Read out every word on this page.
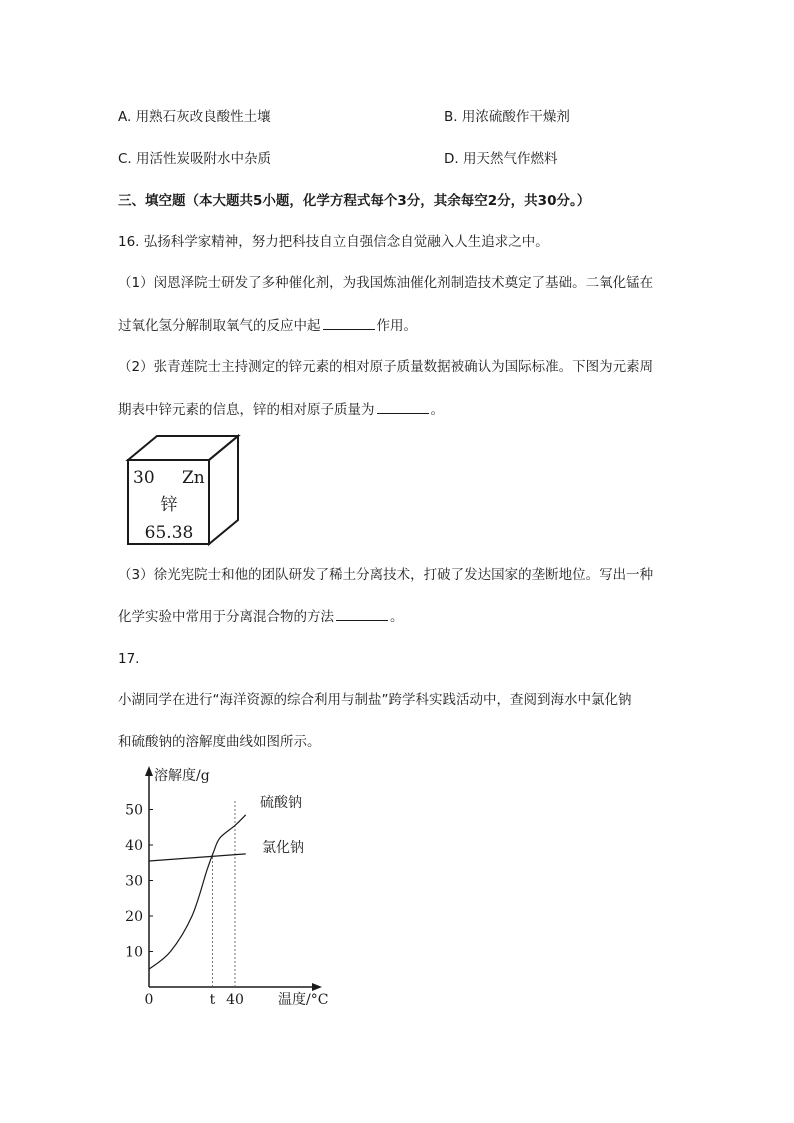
A. 用熟石灰改良酸性土壤	B. 用浓硫酸作干燥剂
C. 用活性炭吸附水中杂质	D. 用天然气作燃料
三、填空题（本大题共5小题，化学方程式每个3分，其余每空2分，共30分。）
16. 弘扬科学家精神，努力把科技自立自强信念自觉融入人生追求之中。
（1）闵恩泽院士研发了多种催化剂，为我国炼油催化剂制造技术奠定了基础。二氧化锰在
过氧化氢分解制取氧气的反应中起	作用。
（2）张青莲院士主持测定的锌元素的相对原子质量数据被确认为国际标准。下图为元素周
期表中锌元素的信息，锌的相对原子质量为	。
30 Zn
锌
65.38
（3）徐光宪院士和他的团队研发了稀土分离技术，打破了发达国家的垄断地位。写出一种
化学实验中常用于分离混合物的方法	。
17.
小湖同学在进行“海洋资源的综合利用与制盐”跨学科实践活动中，查阅到海水中氯化钠
和硫酸钠的溶解度曲线如图所示。
溶解度/g
温度/°C
10
20
30
40
50
0	t 40
硫酸钠
氯化钠
